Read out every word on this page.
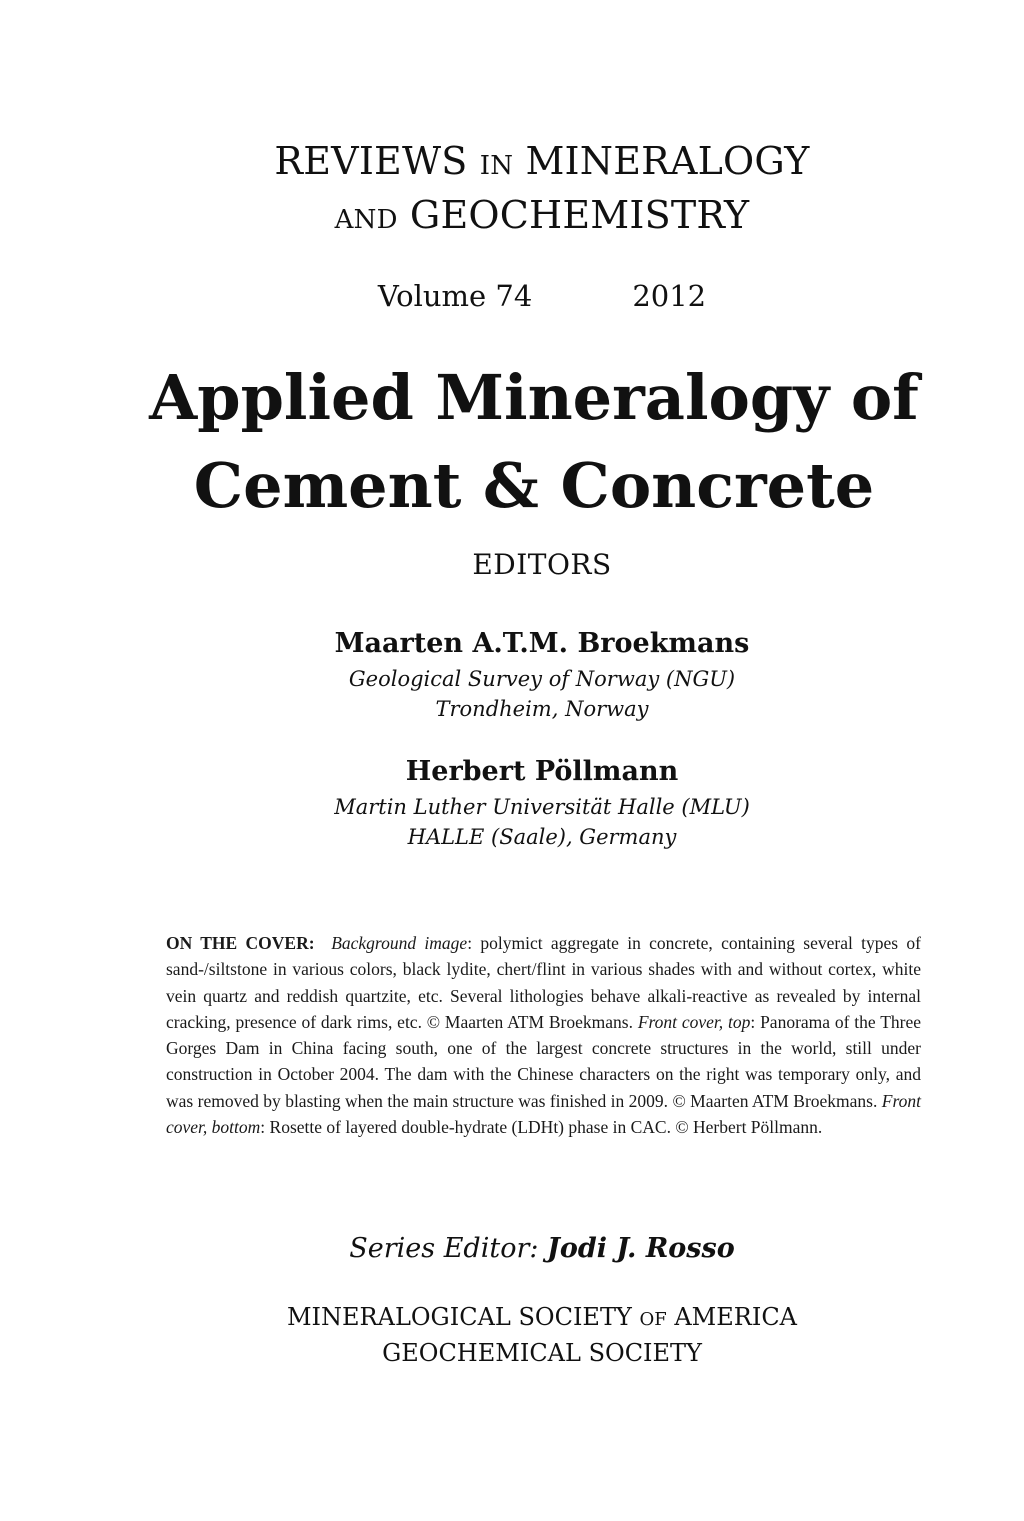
REVIEWS IN MINERALOGY
AND GEOCHEMISTRY
Volume 74	2012
Applied Mineralogy of
Cement & Concrete
EDITORS
Maarten A.T.M. Broekmans
Geological Survey of Norway (NGU)
Trondheim, Norway
Herbert Pöllmann
Martin Luther Universität Halle (MLU)
HALLE (Saale), Germany
ON THE COVER: Background image: polymict aggregate in concrete, containing several types of sand-/siltstone in various colors, black lydite, chert/flint in various shades with and without cortex, white vein quartz and reddish quartzite, etc. Several lithologies behave alkali-reactive as revealed by internal cracking, presence of dark rims, etc. © Maarten ATM Broekmans. Front cover, top: Panorama of the Three Gorges Dam in China facing south, one of the largest concrete structures in the world, still under construction in October 2004. The dam with the Chinese characters on the right was temporary only, and was removed by blasting when the main structure was finished in 2009. © Maarten ATM Broekmans. Front cover, bottom: Rosette of layered double-hydrate (LDHt) phase in CAC. © Herbert Pöllmann.
Series Editor: Jodi J. Rosso
MINERALOGICAL SOCIETY OF AMERICA
GEOCHEMICAL SOCIETY
